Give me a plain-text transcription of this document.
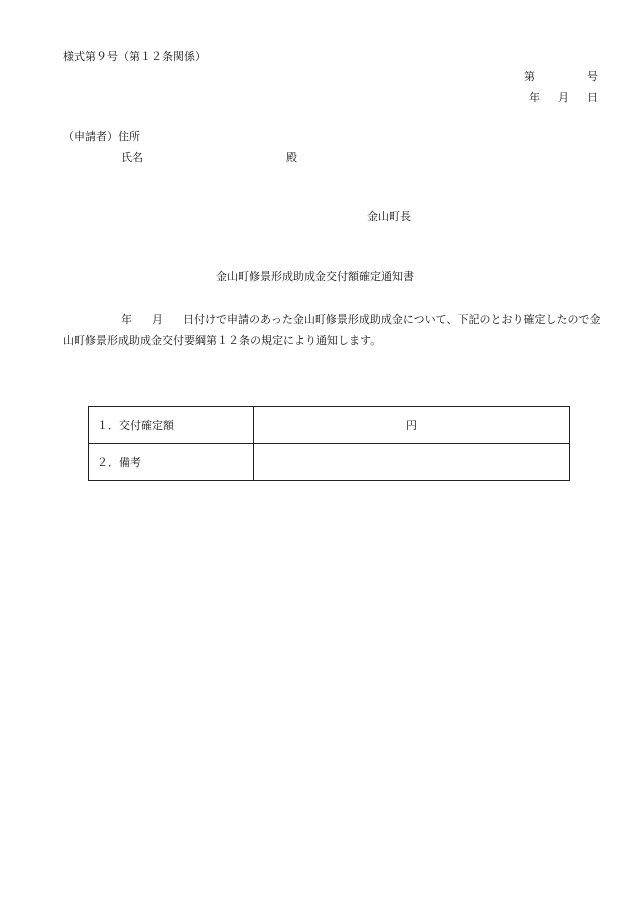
様式第９号（第１２条関係）
第	号
年 月 日
（申請者）住所
氏名	殿
金山町長
金山町修景形成助成金交付額確定通知書
年 月 日付けで申請のあった金山町修景形成助成金について、下記のとおり確定したので金山町修景形成助成金交付要綱第１２条の規定により通知します。
１．交付確定額	円
２．備考	
